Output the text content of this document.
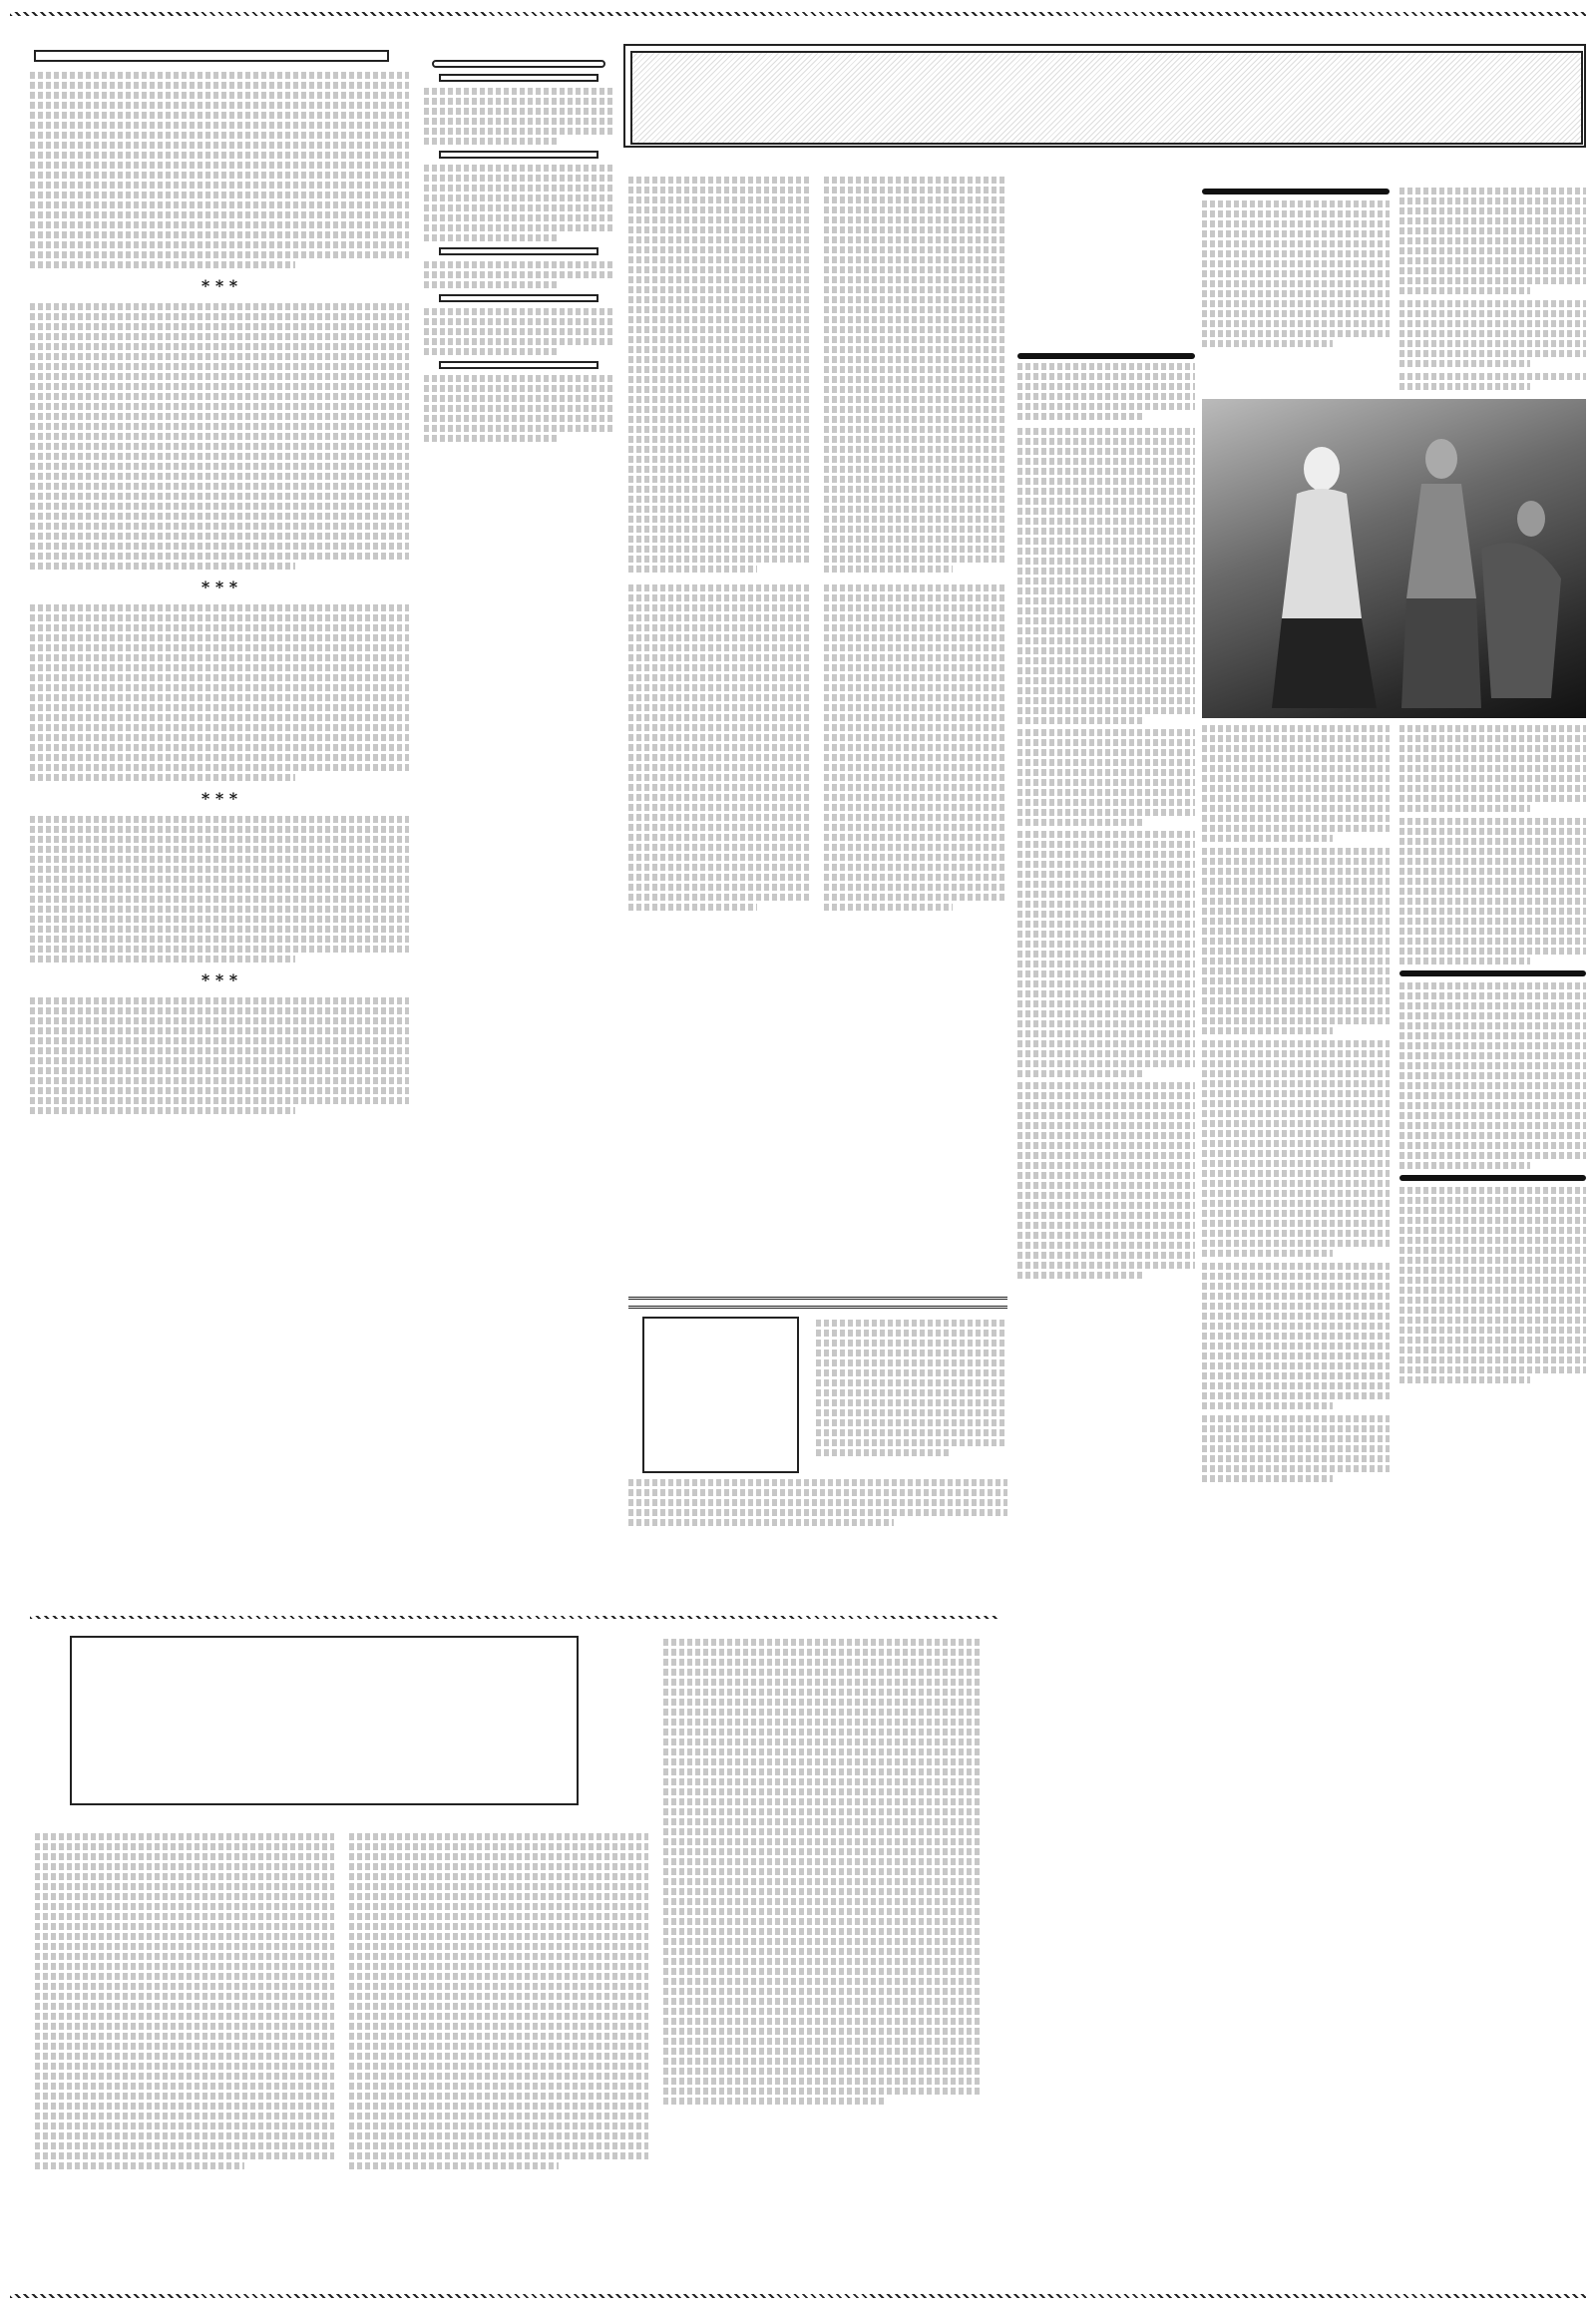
* * *
* * *
* * *
* * *
